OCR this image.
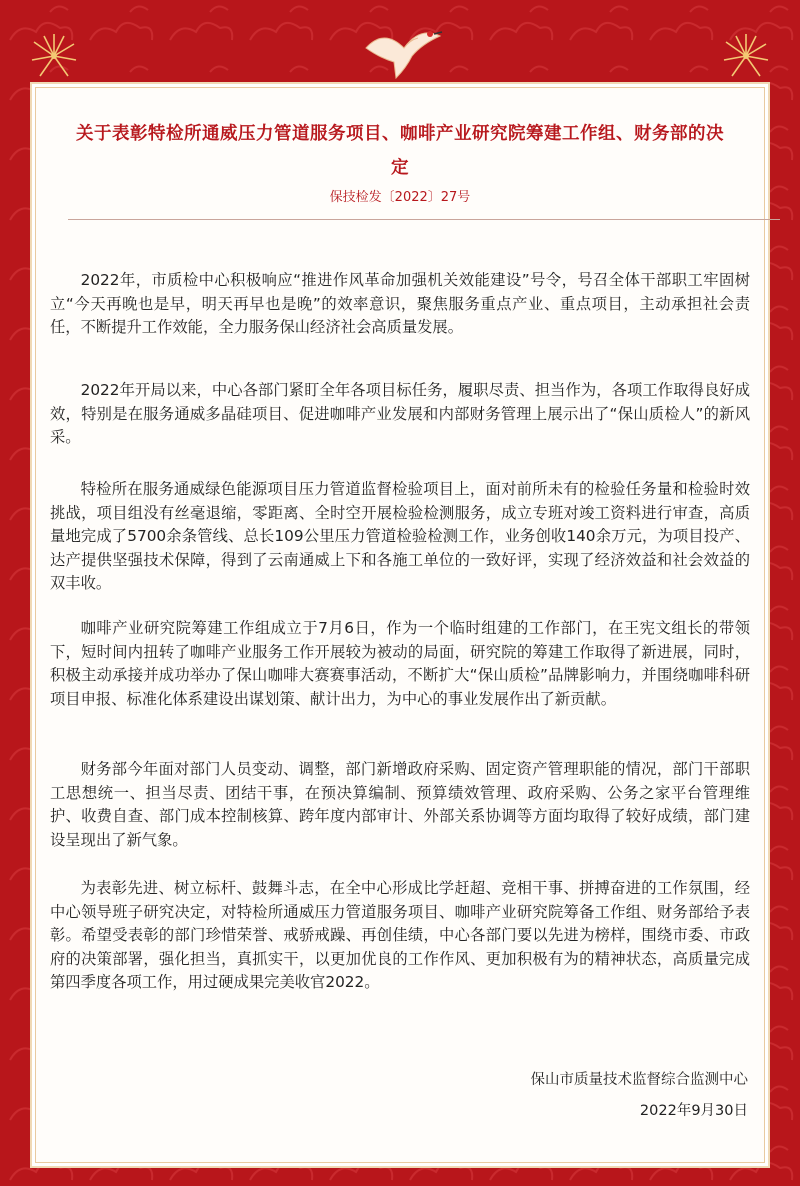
关于表彰特检所通威压力管道服务项目、咖啡产业研究院筹建工作组、财务部的决定
保技检发〔2022〕27号

2022年，市质检中心积极响应“推进作风革命加强机关效能建设”号令，号召全体干部职工牢固树立“今天再晚也是早，明天再早也是晚”的效率意识，聚焦服务重点产业、重点项目，主动承担社会责任，不断提升工作效能，全力服务保山经济社会高质量发展。

2022年开局以来，中心各部门紧盯全年各项目标任务，履职尽责、担当作为，各项工作取得良好成效，特别是在服务通威多晶硅项目、促进咖啡产业发展和内部财务管理上展示出了“保山质检人”的新风采。

特检所在服务通威绿色能源项目压力管道监督检验项目上，面对前所未有的检验任务量和检验时效挑战，项目组没有丝毫退缩，零距离、全时空开展检验检测服务，成立专班对竣工资料进行审查，高质量地完成了5700余条管线、总长109公里压力管道检验检测工作，业务创收140余万元，为项目投产、达产提供坚强技术保障，得到了云南通威上下和各施工单位的一致好评，实现了经济效益和社会效益的双丰收。

咖啡产业研究院筹建工作组成立于7月6日，作为一个临时组建的工作部门，在王宪文组长的带领下，短时间内扭转了咖啡产业服务工作开展较为被动的局面，研究院的筹建工作取得了新进展，同时，积极主动承接并成功举办了保山咖啡大赛赛事活动，不断扩大“保山质检”品牌影响力，并围绕咖啡科研项目申报、标准化体系建设出谋划策、献计出力，为中心的事业发展作出了新贡献。

财务部今年面对部门人员变动、调整，部门新增政府采购、固定资产管理职能的情况，部门干部职工思想统一、担当尽责、团结干事，在预决算编制、预算绩效管理、政府采购、公务之家平台管理维护、收费自查、部门成本控制核算、跨年度内部审计、外部关系协调等方面均取得了较好成绩，部门建设呈现出了新气象。

为表彰先进、树立标杆、鼓舞斗志，在全中心形成比学赶超、竞相干事、拼搏奋进的工作氛围，经中心领导班子研究决定，对特检所通威压力管道服务项目、咖啡产业研究院筹备工作组、财务部给予表彰。希望受表彰的部门珍惜荣誉、戒骄戒躁、再创佳绩，中心各部门要以先进为榜样，围绕市委、市政府的决策部署，强化担当，真抓实干，以更加优良的工作作风、更加积极有为的精神状态，高质量完成第四季度各项工作，用过硬成果完美收官2022。

保山市质量技术监督综合监测中心
2022年9月30日
